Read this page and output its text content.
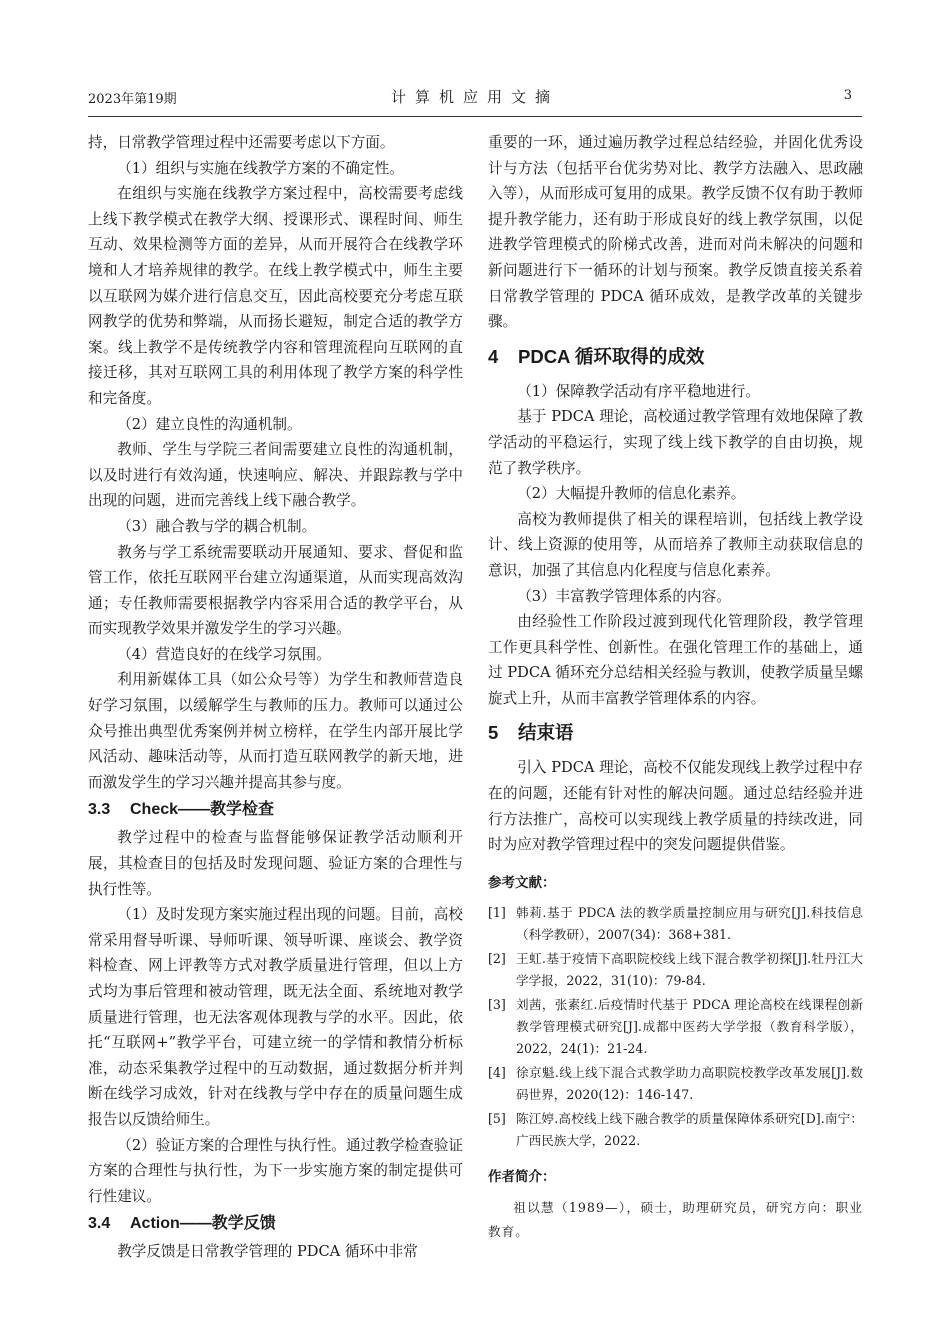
2023年第19期	计算机应用文摘	3

持，日常教学管理过程中还需要考虑以下方面。

（1）组织与实施在线教学方案的不确定性。

在组织与实施在线教学方案过程中，高校需要考虑线上线下教学模式在教学大纲、授课形式、课程时间、师生互动、效果检测等方面的差异，从而开展符合在线教学环境和人才培养规律的教学。在线上教学模式中，师生主要以互联网为媒介进行信息交互，因此高校要充分考虑互联网教学的优势和弊端，从而扬长避短，制定合适的教学方案。线上教学不是传统教学内容和管理流程向互联网的直接迁移，其对互联网工具的利用体现了教学方案的科学性和完备度。

（2）建立良性的沟通机制。

教师、学生与学院三者间需要建立良性的沟通机制，以及时进行有效沟通，快速响应、解决、并跟踪教与学中出现的问题，进而完善线上线下融合教学。

（3）融合教与学的耦合机制。

教务与学工系统需要联动开展通知、要求、督促和监管工作，依托互联网平台建立沟通渠道，从而实现高效沟通；专任教师需要根据教学内容采用合适的教学平台，从而实现教学效果并激发学生的学习兴趣。

（4）营造良好的在线学习氛围。

利用新媒体工具（如公众号等）为学生和教师营造良好学习氛围，以缓解学生与教师的压力。教师可以通过公众号推出典型优秀案例并树立榜样，在学生内部开展比学风活动、趣味活动等，从而打造互联网教学的新天地，进而激发学生的学习兴趣并提高其参与度。

3.3 Check——教学检查

教学过程中的检查与监督能够保证教学活动顺利开展，其检查目的包括及时发现问题、验证方案的合理性与执行性等。

（1）及时发现方案实施过程出现的问题。目前，高校常采用督导听课、导师听课、领导听课、座谈会、教学资料检查、网上评教等方式对教学质量进行管理，但以上方式均为事后管理和被动管理，既无法全面、系统地对教学质量进行管理，也无法客观体现教与学的水平。因此，依托“互联网+”教学平台，可建立统一的学情和教情分析标准，动态采集教学过程中的互动数据，通过数据分析并判断在线学习成效，针对在线教与学中存在的质量问题生成报告以反馈给师生。

（2）验证方案的合理性与执行性。通过教学检查验证方案的合理性与执行性，为下一步实施方案的制定提供可行性建议。

3.4 Action——教学反馈

教学反馈是日常教学管理的 PDCA 循环中非常

重要的一环，通过遍历教学过程总结经验，并固化优秀设计与方法（包括平台优劣势对比、教学方法融入、思政融入等），从而形成可复用的成果。教学反馈不仅有助于教师提升教学能力，还有助于形成良好的线上教学氛围，以促进教学管理模式的阶梯式改善，进而对尚未解决的问题和新问题进行下一循环的计划与预案。教学反馈直接关系着日常教学管理的 PDCA 循环成效，是教学改革的关键步骤。

4 PDCA 循环取得的成效

（1）保障教学活动有序平稳地进行。

基于 PDCA 理论，高校通过教学管理有效地保障了教学活动的平稳运行，实现了线上线下教学的自由切换，规范了教学秩序。

（2）大幅提升教师的信息化素养。

高校为教师提供了相关的课程培训，包括线上教学设计、线上资源的使用等，从而培养了教师主动获取信息的意识，加强了其信息内化程度与信息化素养。

（3）丰富教学管理体系的内容。

由经验性工作阶段过渡到现代化管理阶段，教学管理工作更具科学性、创新性。在强化管理工作的基础上，通过 PDCA 循环充分总结相关经验与教训，使教学质量呈螺旋式上升，从而丰富教学管理体系的内容。

5 结束语

引入 PDCA 理论，高校不仅能发现线上教学过程中存在的问题，还能有针对性的解决问题。通过总结经验并进行方法推广，高校可以实现线上教学质量的持续改进，同时为应对教学管理过程中的突发问题提供借鉴。

参考文献：
[1] 韩莉.基于 PDCA 法的教学质量控制应用与研究[J].科技信息（科学教研），2007(34)：368+381.
[2] 王虹.基于疫情下高职院校线上线下混合教学初探[J].牡丹江大学学报，2022，31(10)：79-84.
[3] 刘茜，张素红.后疫情时代基于 PDCA 理论高校在线课程创新教学管理模式研究[J].成都中医药大学学报（教育科学版），2022，24(1)：21-24.
[4] 徐京魁.线上线下混合式教学助力高职院校教学改革发展[J].数码世界，2020(12)：146-147.
[5] 陈江婷.高校线上线下融合教学的质量保障体系研究[D].南宁：广西民族大学，2022.
作者简介：

祖以慧（1989—），硕士，助理研究员，研究方向：职业教育。
